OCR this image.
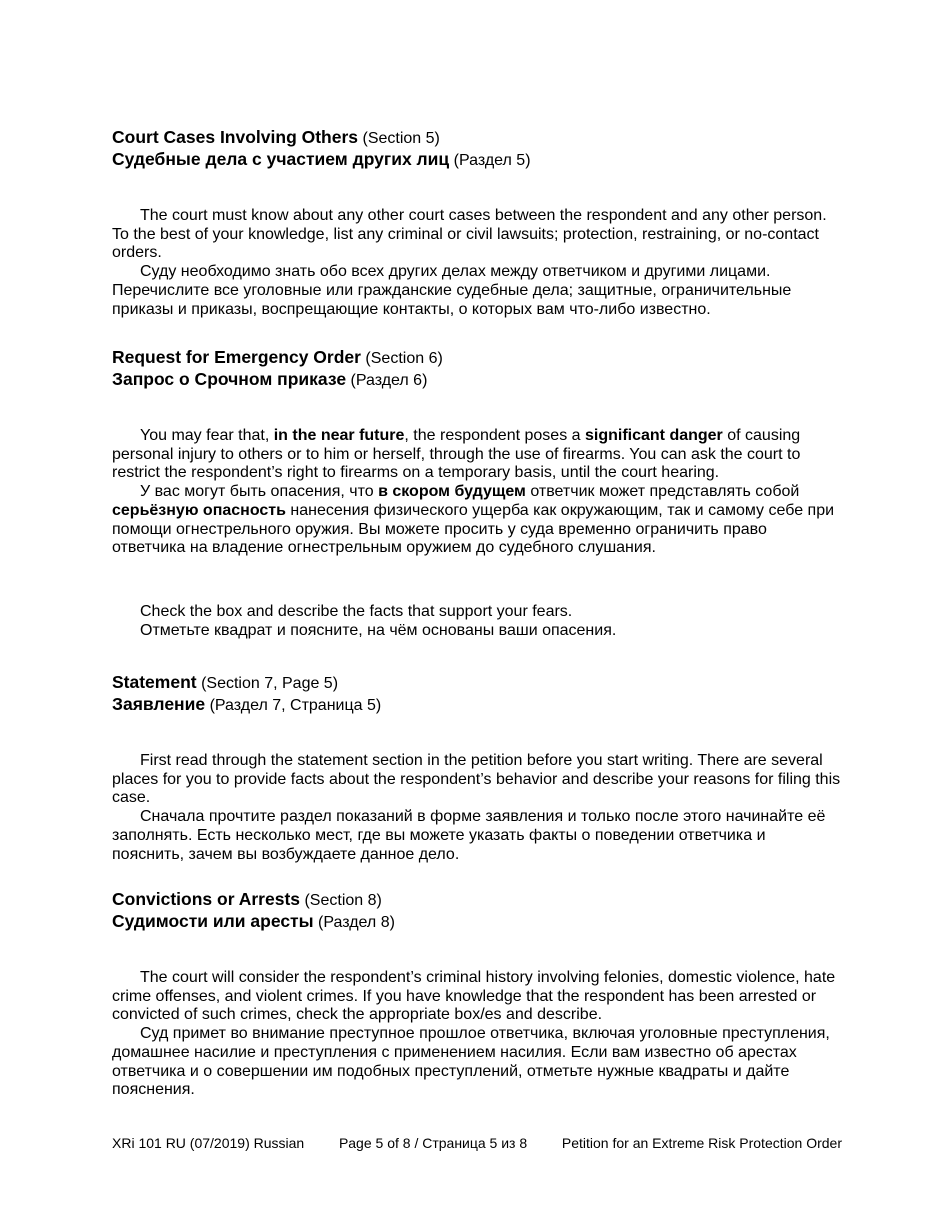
Court Cases Involving Others (Section 5)
Судебные дела с участием других лиц (Раздел 5)

The court must know about any other court cases between the respondent and any other person. To the best of your knowledge, list any criminal or civil lawsuits; protection, restraining, or no-contact orders.

Суду необходимо знать обо всех других делах между ответчиком и другими лицами. Перечислите все уголовные или гражданские судебные дела; защитные, ограничительные приказы и приказы, воспрещающие контакты, о которых вам что-либо известно.

Request for Emergency Order (Section 6)
Запрос о Срочном приказе (Раздел 6)

You may fear that, in the near future, the respondent poses a significant danger of causing personal injury to others or to him or herself, through the use of firearms. You can ask the court to restrict the respondent’s right to firearms on a temporary basis, until the court hearing.

У вас могут быть опасения, что в скором будущем ответчик может представлять собой серьёзную опасность нанесения физического ущерба как окружающим, так и самому себе при помощи огнестрельного оружия. Вы можете просить у суда временно ограничить право ответчика на владение огнестрельным оружием до судебного слушания.

Check the box and describe the facts that support your fears.

Отметьте квадрат и поясните, на чём основаны ваши опасения.

Statement (Section 7, Page 5)
Заявление (Раздел 7, Страница 5)

First read through the statement section in the petition before you start writing. There are several places for you to provide facts about the respondent’s behavior and describe your reasons for filing this case.

Сначала прочтите раздел показаний в форме заявления и только после этого начинайте её заполнять. Есть несколько мест, где вы можете указать факты о поведении ответчика и пояснить, зачем вы возбуждаете данное дело.

Convictions or Arrests (Section 8)
Судимости или аресты (Раздел 8)

The court will consider the respondent’s criminal history involving felonies, domestic violence, hate crime offenses, and violent crimes. If you have knowledge that the respondent has been arrested or convicted of such crimes, check the appropriate box/es and describe.

Суд примет во внимание преступное прошлое ответчика, включая уголовные преступления, домашнее насилие и преступления с применением насилия. Если вам известно об арестах ответчика и о совершении им подобных преступлений, отметьте нужные квадраты и дайте пояснения.

XRi 101 RU (07/2019) Russian Page 5 of 8 / Страница 5 из 8 Petition for an Extreme Risk Protection Order
